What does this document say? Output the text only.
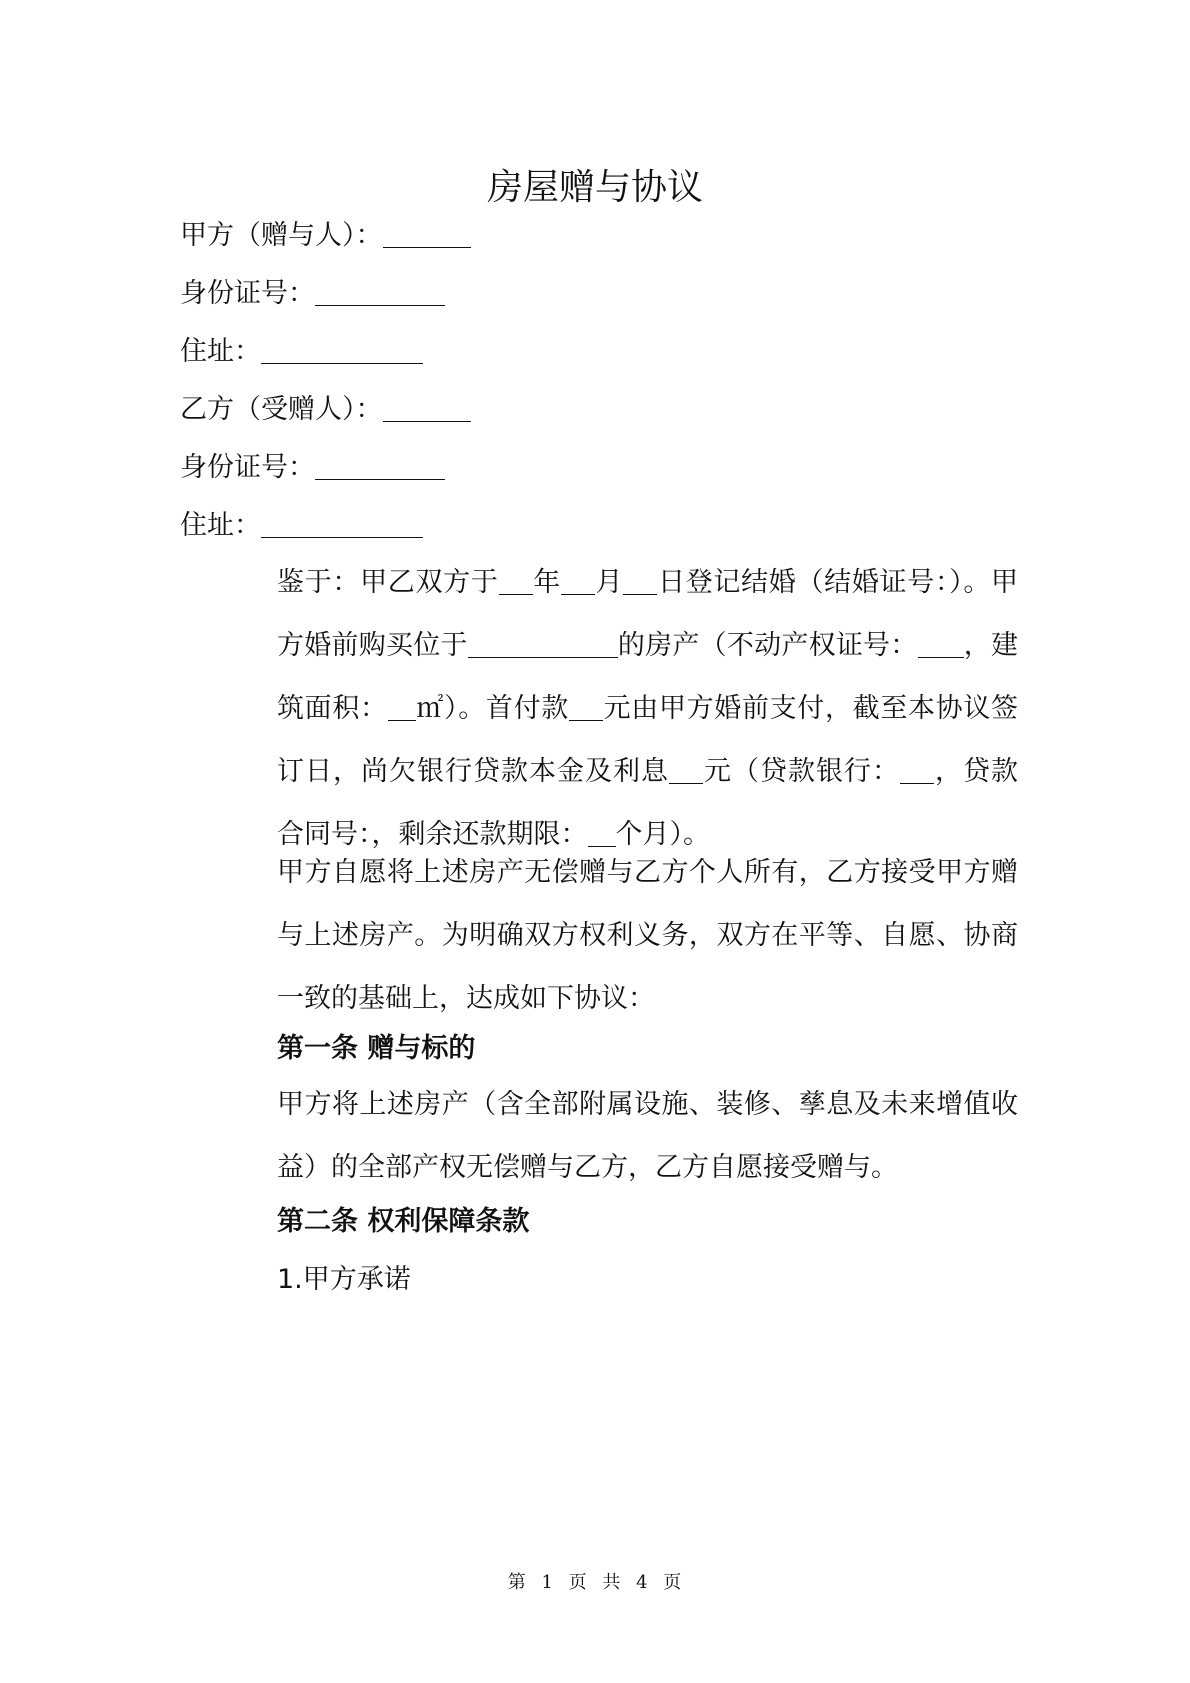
房屋赠与协议
甲方（赠与人）：
身份证号：
住址：
乙方（受赠人）：
身份证号：
住址：

鉴于：甲乙双方于 年 月 日登记结婚（结婚证号：）。甲方婚前购买位于	的房产（不动产权证号： ，建筑面积： ㎡）。首付款 元由甲方婚前支付，截至本协议签订日，尚欠银行贷款本金及利息 元（贷款银行： ，贷款合同号：，剩余还款期限： 个月）。

甲方自愿将上述房产无偿赠与乙方个人所有，乙方接受甲方赠与上述房产。为明确双方权利义务，双方在平等、自愿、协商一致的基础上，达成如下协议：

第一条 赠与标的

甲方将上述房产（含全部附属设施、装修、孳息及未来增值收益）的全部产权无偿赠与乙方，乙方自愿接受赠与。

第二条 权利保障条款
1.甲方承诺
第 1 页 共 4 页
